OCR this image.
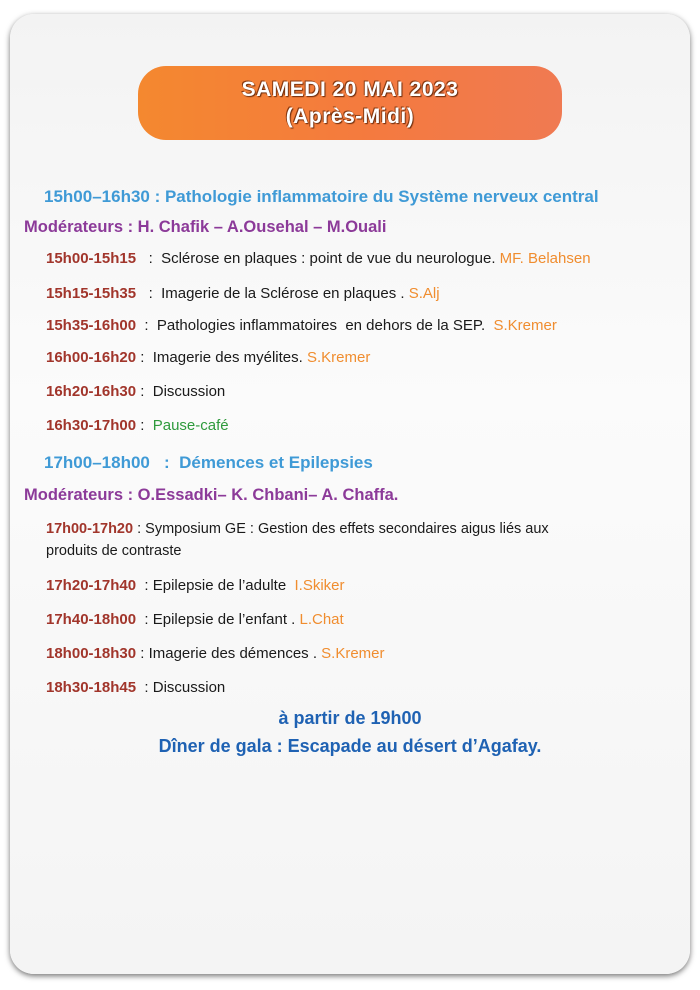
SAMEDI 20 MAI 2023
(Après-Midi)
15h00–16h30 : Pathologie inflammatoire du Système nerveux central
Modérateurs : H. Chafik – A.Ousehal – M.Ouali
15h00-15h15   :  Sclérose en plaques : point de vue du neurologue. MF. Belahsen
15h15-15h35   :  Imagerie de la Sclérose en plaques . S.Alj
15h35-16h00  :  Pathologies inflammatoires  en dehors de la SEP.  S.Kremer
16h00-16h20 :  Imagerie des myélites. S.Kremer
16h20-16h30 :  Discussion
16h30-17h00 :  Pause-café
17h00–18h00   :  Démences et Epilepsies
Modérateurs : O.Essadki– K. Chbani– A. Chaffa.
17h00-17h20 : Symposium GE : Gestion des effets secondaires aigus liés aux
produits de contraste
17h20-17h40  : Epilepsie de l’adulte  I.Skiker
17h40-18h00  : Epilepsie de l’enfant . L.Chat
18h00-18h30 : Imagerie des démences . S.Kremer
18h30-18h45  : Discussion
à partir de 19h00
Dîner de gala : Escapade au désert d’Agafay.
